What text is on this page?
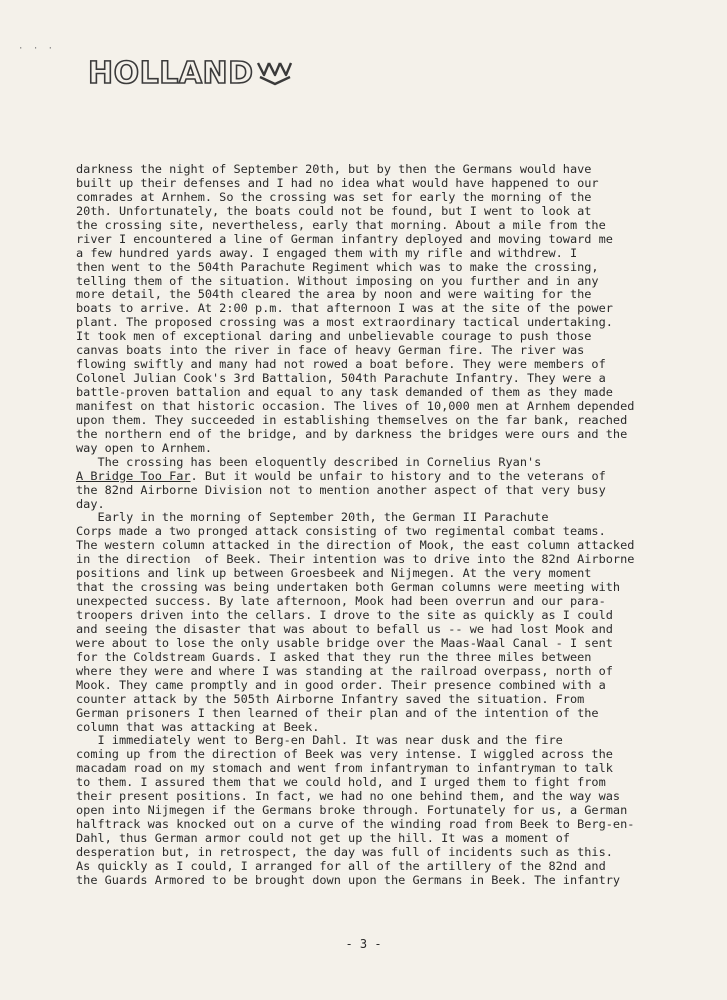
· · ·
HOLLAND
darkness the night of September 20th, but by then the Germans would have
built up their defenses and I had no idea what would have happened to our
comrades at Arnhem. So the crossing was set for early the morning of the
20th. Unfortunately, the boats could not be found, but I went to look at
the crossing site, nevertheless, early that morning. About a mile from the
river I encountered a line of German infantry deployed and moving toward me
a few hundred yards away. I engaged them with my rifle and withdrew. I
then went to the 504th Parachute Regiment which was to make the crossing,
telling them of the situation. Without imposing on you further and in any
more detail, the 504th cleared the area by noon and were waiting for the
boats to arrive. At 2:00 p.m. that afternoon I was at the site of the power
plant. The proposed crossing was a most extraordinary tactical undertaking.
It took men of exceptional daring and unbelievable courage to push those
canvas boats into the river in face of heavy German fire. The river was
flowing swiftly and many had not rowed a boat before. They were members of
Colonel Julian Cook's 3rd Battalion, 504th Parachute Infantry. They were a
battle-proven battalion and equal to any task demanded of them as they made
manifest on that historic occasion. The lives of 10,000 men at Arnhem depended
upon them. They succeeded in establishing themselves on the far bank, reached
the northern end of the bridge, and by darkness the bridges were ours and the
way open to Arnhem.
The crossing has been eloquently described in Cornelius Ryan's
A Bridge Too Far. But it would be unfair to history and to the veterans of
the 82nd Airborne Division not to mention another aspect of that very busy
day.
Early in the morning of September 20th, the German II Parachute
Corps made a two pronged attack consisting of two regimental combat teams.
The western column attacked in the direction of Mook, the east column attacked
in the direction  of Beek. Their intention was to drive into the 82nd Airborne
positions and link up between Groesbeek and Nijmegen. At the very moment
that the crossing was being undertaken both German columns were meeting with
unexpected success. By late afternoon, Mook had been overrun and our para-
troopers driven into the cellars. I drove to the site as quickly as I could
and seeing the disaster that was about to befall us -- we had lost Mook and
were about to lose the only usable bridge over the Maas-Waal Canal - I sent
for the Coldstream Guards. I asked that they run the three miles between
where they were and where I was standing at the railroad overpass, north of
Mook. They came promptly and in good order. Their presence combined with a
counter attack by the 505th Airborne Infantry saved the situation. From
German prisoners I then learned of their plan and of the intention of the
column that was attacking at Beek.
I immediately went to Berg-en Dahl. It was near dusk and the fire
coming up from the direction of Beek was very intense. I wiggled across the
macadam road on my stomach and went from infantryman to infantryman to talk
to them. I assured them that we could hold, and I urged them to fight from
their present positions. In fact, we had no one behind them, and the way was
open into Nijmegen if the Germans broke through. Fortunately for us, a German
halftrack was knocked out on a curve of the winding road from Beek to Berg-en-
Dahl, thus German armor could not get up the hill. It was a moment of
desperation but, in retrospect, the day was full of incidents such as this.
As quickly as I could, I arranged for all of the artillery of the 82nd and
the Guards Armored to be brought down upon the Germans in Beek. The infantry
- 3 -
